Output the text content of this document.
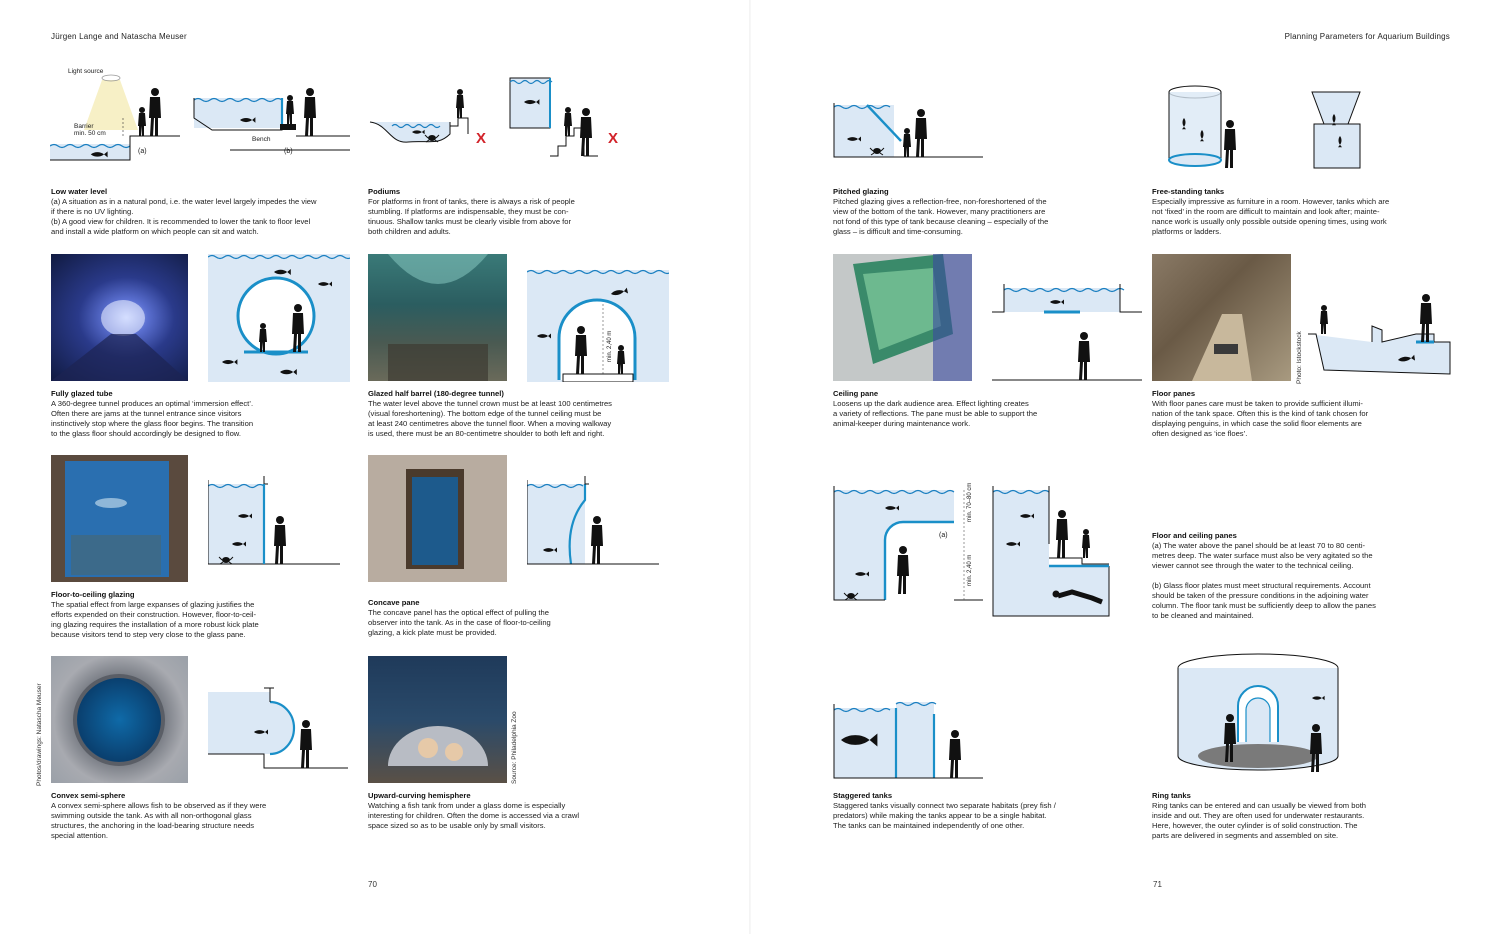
Jürgen Lange and Natascha Meuser	Planning Parameters for Aquarium Buildings
Light source
Barrier
min. 50 cm
(a)
Bench
(b)
Low water level
(a) A situation as in a natural pond, i.e. the water level largely impedes the view
if there is no UV lighting.
(b) A good view for children. It is recommended to lower the tank to floor level
and install a wide platform on which people can sit and watch.
X	X
Podiums
For platforms in front of tanks, there is always a risk of people
stumbling. If platforms are indispensable, they must be con-
tinuous. Shallow tanks must be clearly visible from above for
both children and adults.
Fully glazed tube
A 360-degree tunnel produces an optimal ‘immersion effect’.
Often there are jams at the tunnel entrance since visitors
instinctively stop where the glass floor begins. The transition
to the glass floor should accordingly be designed to flow.
min. 2,40 m
Glazed half barrel (180-degree tunnel)
The water level above the tunnel crown must be at least 100 centimetres
(visual foreshortening). The bottom edge of the tunnel ceiling must be
at least 240 centimetres above the tunnel floor. When a moving walkway
is used, there must be an 80-centimetre shoulder to both left and right.
Floor-to-ceiling glazing
The spatial effect from large expanses of glazing justifies the
efforts expended on their construction. However, floor-to-ceil-
ing glazing requires the installation of a more robust kick plate
because visitors tend to step very close to the glass pane.
Concave pane
The concave panel has the optical effect of pulling the
observer into the tank. As in the case of floor-to-ceiling
glazing, a kick plate must be provided.
Photos/drawings: Natascha Meuser
Convex semi-sphere
A convex semi-sphere allows fish to be observed as if they were
swimming outside the tank. As with all non-orthogonal glass
structures, the anchoring in the load-bearing structure needs
special attention.
Source: Philadelphia Zoo
Upward-curving hemisphere
Watching a fish tank from under a glass dome is especially
interesting for children. Often the dome is accessed via a crawl
space sized so as to be usable only by small visitors.
70
Pitched glazing
Pitched glazing gives a reflection-free, non-foreshortened of the
view of the bottom of the tank. However, many practitioners are
not fond of this type of tank because cleaning – especially of the
glass – is difficult and time-consuming.
Free-standing tanks
Especially impressive as furniture in a room. However, tanks which are
not ‘fixed’ in the room are difficult to maintain and look after; mainte-
nance work is usually only possible outside opening times, using work
platforms or ladders.
Ceiling pane
Loosens up the dark audience area. Effect lighting creates
a variety of reflections. The pane must be able to support the
animal-keeper during maintenance work.
Photo: Istockstock
Floor panes
With floor panes care must be taken to provide sufficient illumi-
nation of the tank space. Often this is the kind of tank chosen for
displaying penguins, in which case the solid floor elements are
often designed as ‘ice floes’.
(a)
min. 70–80 cm
min. 2,40 m
Floor and ceiling panes
(a) The water above the panel should be at least 70 to 80 centi-
metres deep. The water surface must also be very agitated so the
viewer cannot see through the water to the technical ceiling.

(b) Glass floor plates must meet structural requirements. Account
should be taken of the pressure conditions in the adjoining water
column. The floor tank must be sufficiently deep to allow the panes
to be cleaned and maintained.
Staggered tanks
Staggered tanks visually connect two separate habitats (prey fish /
predators) while making the tanks appear to be a single habitat.
The tanks can be maintained independently of one other.
Ring tanks
Ring tanks can be entered and can usually be viewed from both
inside and out. They are often used for underwater restaurants.
Here, however, the outer cylinder is of solid construction. The
parts are delivered in segments and assembled on site.
71
